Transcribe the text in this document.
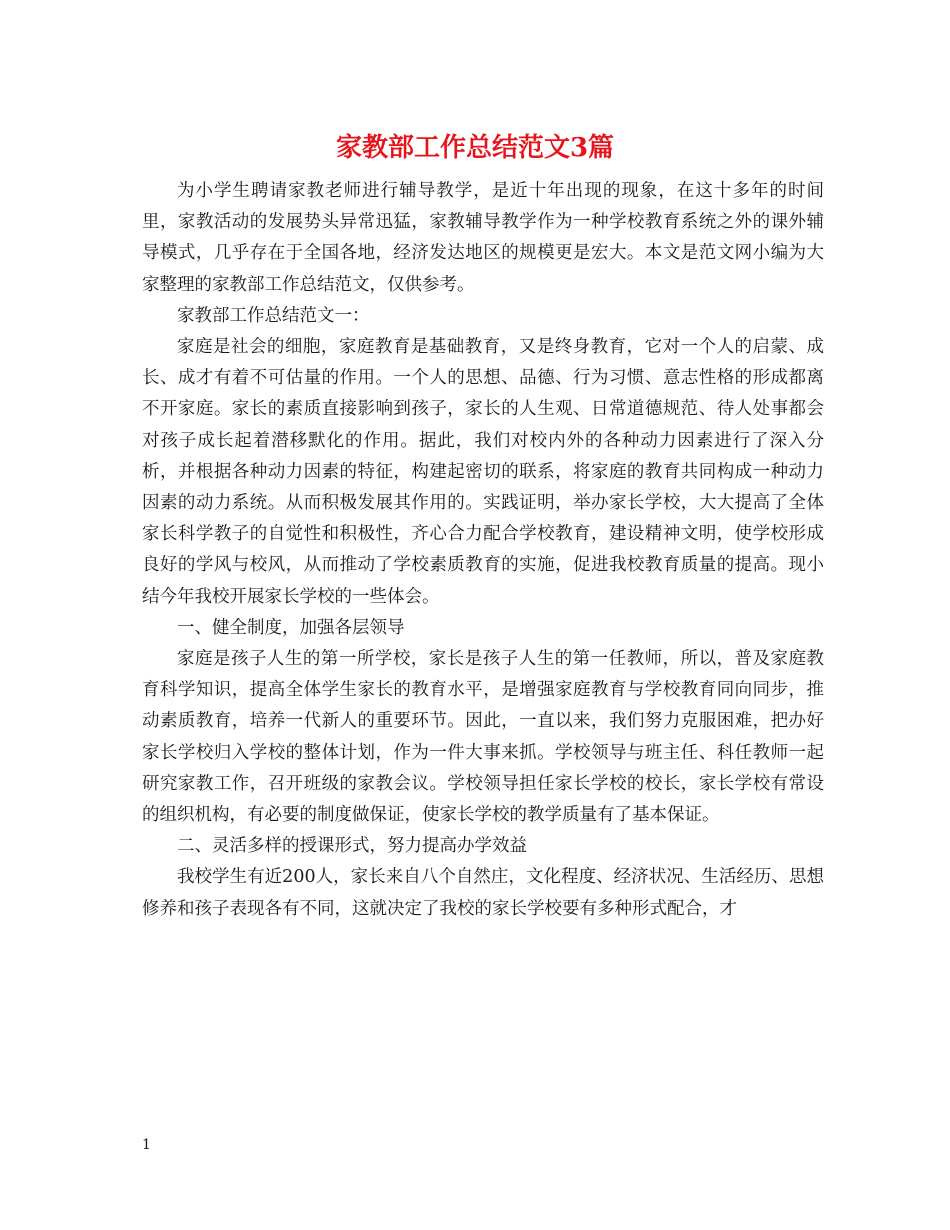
家教部工作总结范文3篇

为小学生聘请家教老师进行辅导教学，是近十年出现的现象，在这十多年的时间里，家教活动的发展势头异常迅猛，家教辅导教学作为一种学校教育系统之外的课外辅导模式，几乎存在于全国各地，经济发达地区的规模更是宏大。本文是范文网小编为大家整理的家教部工作总结范文，仅供参考。

家教部工作总结范文一：

家庭是社会的细胞，家庭教育是基础教育，又是终身教育，它对一个人的启蒙、成长、成才有着不可估量的作用。一个人的思想、品德、行为习惯、意志性格的形成都离不开家庭。家长的素质直接影响到孩子，家长的人生观、日常道德规范、待人处事都会对孩子成长起着潜移默化的作用。据此，我们对校内外的各种动力因素进行了深入分析，并根据各种动力因素的特征，构建起密切的联系，将家庭的教育共同构成一种动力因素的动力系统。从而积极发展其作用的。实践证明，举办家长学校，大大提高了全体家长科学教子的自觉性和积极性，齐心合力配合学校教育，建设精神文明，使学校形成良好的学风与校风，从而推动了学校素质教育的实施，促进我校教育质量的提高。现小结今年我校开展家长学校的一些体会。

一、健全制度，加强各层领导

家庭是孩子人生的第一所学校，家长是孩子人生的第一任教师，所以，普及家庭教育科学知识，提高全体学生家长的教育水平，是增强家庭教育与学校教育同向同步，推动素质教育，培养一代新人的重要环节。因此，一直以来，我们努力克服困难，把办好家长学校归入学校的整体计划，作为一件大事来抓。学校领导与班主任、科任教师一起研究家教工作，召开班级的家教会议。学校领导担任家长学校的校长，家长学校有常设的组织机构，有必要的制度做保证，使家长学校的教学质量有了基本保证。

二、灵活多样的授课形式，努力提高办学效益

我校学生有近200人，家长来自八个自然庄，文化程度、经济状况、生活经历、思想修养和孩子表现各有不同，这就决定了我校的家长学校要有多种形式配合，才

1
